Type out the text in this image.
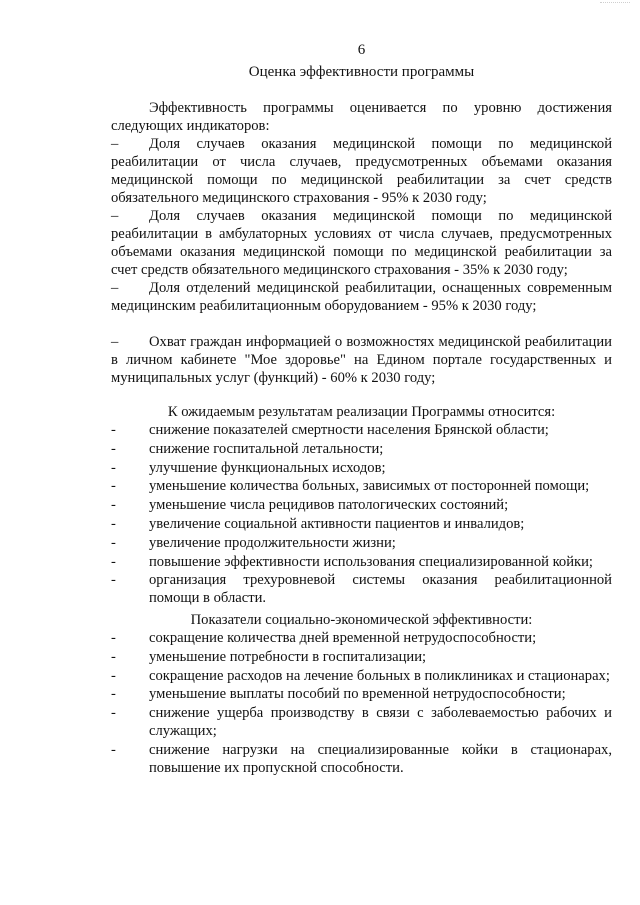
6
Оценка эффективности программы
Эффективность программы оценивается по уровню достижения следующих индикаторов:
– Доля случаев оказания медицинской помощи по медицинской реабилитации от числа случаев, предусмотренных объемами оказания медицинской помощи по медицинской реабилитации за счет средств обязательного медицинского страхования - 95% к 2030 году;
– Доля случаев оказания медицинской помощи по медицинской реабилитации в амбулаторных условиях от числа случаев, предусмотренных объемами оказания медицинской помощи по медицинской реабилитации за счет средств обязательного медицинского страхования - 35% к 2030 году;
– Доля отделений медицинской реабилитации, оснащенных современным медицинским реабилитационным оборудованием - 95% к 2030 году;
– Охват граждан информацией о возможностях медицинской реабилитации в личном кабинете "Мое здоровье" на Едином портале государственных и муниципальных услуг (функций) - 60% к 2030 году;
К ожидаемым результатам реализации Программы относится:
- снижение показателей смертности населения Брянской области;
- снижение госпитальной летальности;
- улучшение функциональных исходов;
- уменьшение количества больных, зависимых от посторонней помощи;
- уменьшение числа рецидивов патологических состояний;
- увеличение социальной активности пациентов и инвалидов;
- увеличение продолжительности жизни;
- повышение эффективности использования специализированной койки;
- организация трехуровневой системы оказания реабилитационной помощи в области.
Показатели социально-экономической эффективности:
- сокращение количества дней временной нетрудоспособности;
- уменьшение потребности в госпитализации;
- сокращение расходов на лечение больных в поликлиниках и стационарах;
- уменьшение выплаты пособий по временной нетрудоспособности;
- снижение ущерба производству в связи с заболеваемостью рабочих и служащих;
- снижение нагрузки на специализированные койки в стационарах, повышение их пропускной способности.
